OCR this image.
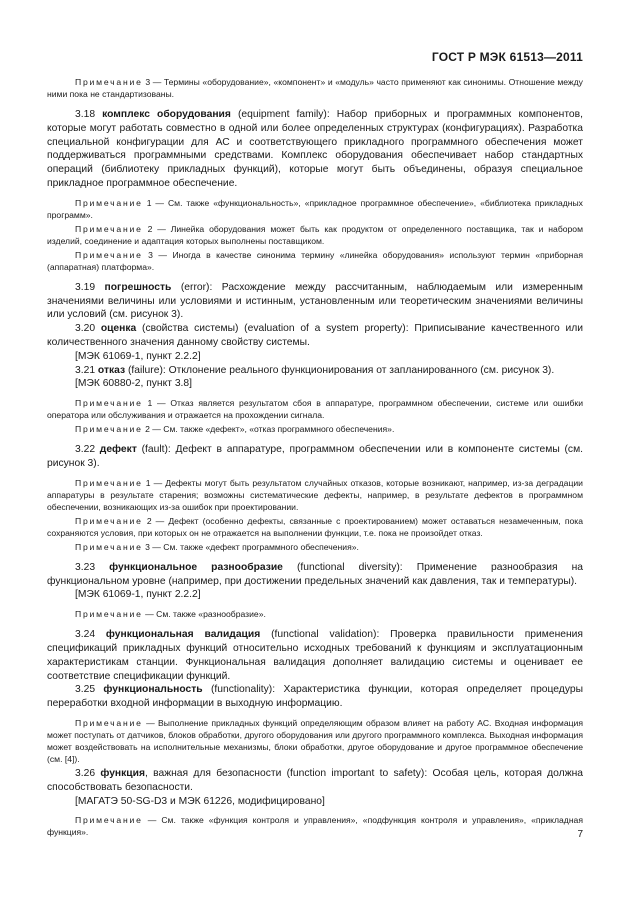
ГОСТ Р МЭК 61513—2011

Примечание 3 — Термины «оборудование», «компонент» и «модуль» часто применяют как синонимы. Отношение между ними пока не стандартизованы.

3.18 комплекс оборудования (equipment family): Набор приборных и программных компонентов, которые могут работать совместно в одной или более определенных структурах (конфигурациях). Разработка специальной конфигурации для АС и соответствующего прикладного программного обеспечения может поддерживаться программными средствами. Комплекс оборудования обеспечивает набор стандартных операций (библиотеку прикладных функций), которые могут быть объединены, образуя специальное прикладное программное обеспечение.

Примечание 1 — См. также «функциональность», «прикладное программное обеспечение», «библиотека прикладных программ».

Примечание 2 — Линейка оборудования может быть как продуктом от определенного поставщика, так и набором изделий, соединение и адаптация которых выполнены поставщиком.

Примечание 3 — Иногда в качестве синонима термину «линейка оборудования» используют термин «приборная (аппаратная) платформа».

3.19 погрешность (error): Расхождение между рассчитанным, наблюдаемым или измеренным значениями величины или условиями и истинным, установленным или теоретическим значениями величины или условий (см. рисунок 3).

3.20 оценка (свойства системы) (evaluation of a system property): Приписывание качественного или количественного значения данному свойству системы.

[МЭК 61069-1, пункт 2.2.2]

3.21 отказ (failure): Отклонение реального функционирования от запланированного (см. рисунок 3).

[МЭК 60880-2, пункт 3.8]

Примечание 1 — Отказ является результатом сбоя в аппаратуре, программном обеспечении, системе или ошибки оператора или обслуживания и отражается на прохождении сигнала.

Примечание 2 — См. также «дефект», «отказ программного обеспечения».

3.22 дефект (fault): Дефект в аппаратуре, программном обеспечении или в компоненте системы (см. рисунок 3).

Примечание 1 — Дефекты могут быть результатом случайных отказов, которые возникают, например, из-за деградации аппаратуры в результате старения; возможны систематические дефекты, например, в результате дефектов в программном обеспечении, возникающих из-за ошибок при проектировании.

Примечание 2 — Дефект (особенно дефекты, связанные с проектированием) может оставаться незамеченным, пока сохраняются условия, при которых он не отражается на выполнении функции, т.е. пока не произойдет отказ.

Примечание 3 — См. также «дефект программного обеспечения».

3.23 функциональное разнообразие (functional diversity): Применение разнообразия на функциональном уровне (например, при достижении предельных значений как давления, так и температуры).

[МЭК 61069-1, пункт 2.2.2]

Примечание — См. также «разнообразие».

3.24 функциональная валидация (functional validation): Проверка правильности применения спецификаций прикладных функций относительно исходных требований к функциям и эксплуатационным характеристикам станции. Функциональная валидация дополняет валидацию системы и оценивает ее соответствие спецификации функций.

3.25 функциональность (functionality): Характеристика функции, которая определяет процедуры переработки входной информации в выходную информацию.

Примечание — Выполнение прикладных функций определяющим образом влияет на работу АС. Входная информация может поступать от датчиков, блоков обработки, другого оборудования или другого программного комплекса. Выходная информация может воздействовать на исполнительные механизмы, блоки обработки, другое оборудование и другое программное обеспечение (см. [4]).

3.26 функция, важная для безопасности (function important to safety): Особая цель, которая должна способствовать безопасности.

[МАГАТЭ 50-SG-D3 и МЭК 61226, модифицировано]

Примечание — См. также «функция контроля и управления», «подфункция контроля и управления», «прикладная функция».	7
